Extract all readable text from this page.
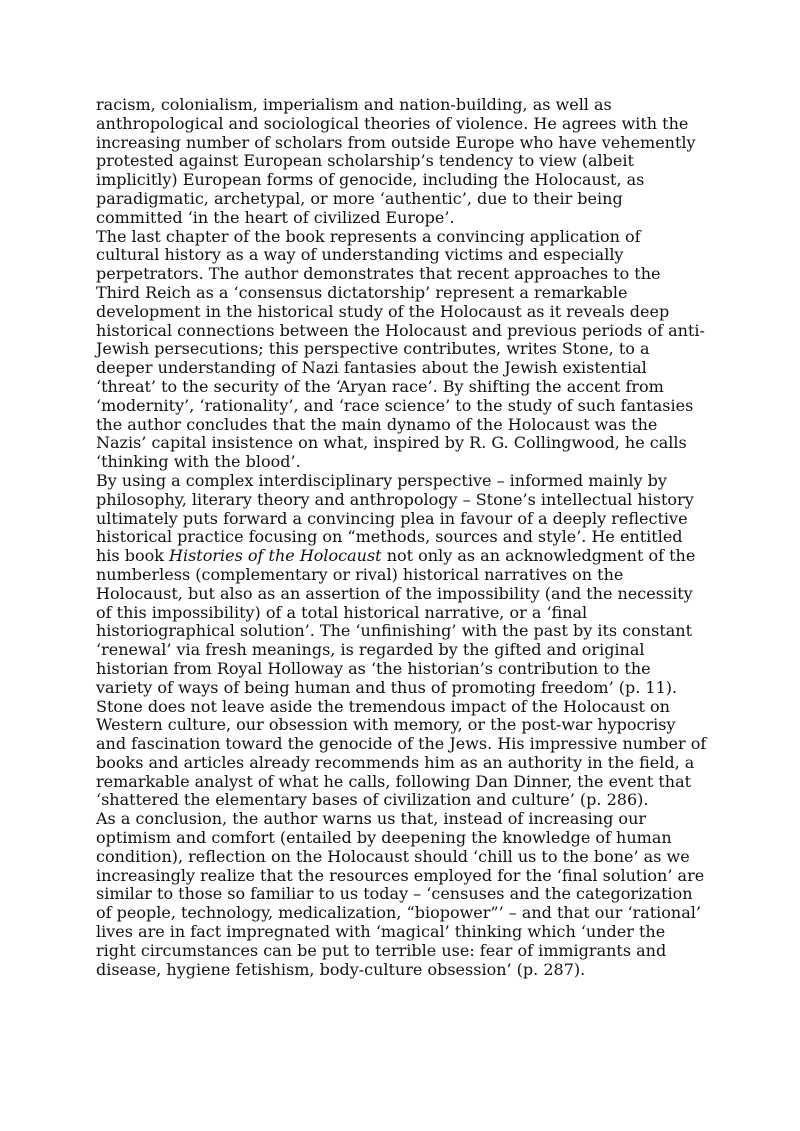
racism, colonialism, imperialism and nation-building, as well as anthropological and sociological theories of violence. He agrees with the increasing number of scholars from outside Europe who have vehemently protested against European scholarship’s tendency to view (albeit implicitly) European forms of genocide, including the Holocaust, as paradigmatic, archetypal, or more ‘authentic’, due to their being committed ‘in the heart of civilized Europe’.

The last chapter of the book represents a convincing application of cultural history as a way of understanding victims and especially perpetrators. The author demonstrates that recent approaches to the Third Reich as a ‘consensus dictatorship’ represent a remarkable development in the historical study of the Holocaust as it reveals deep historical connections between the Holocaust and previous periods of anti-Jewish persecutions; this perspective contributes, writes Stone, to a deeper understanding of Nazi fantasies about the Jewish existential ‘threat’ to the security of the ‘Aryan race’. By shifting the accent from ‘modernity’, ‘rationality’, and ‘race science’ to the study of such fantasies the author concludes that the main dynamo of the Holocaust was the Nazis’ capital insistence on what, inspired by R. G. Collingwood, he calls ‘thinking with the blood’.

By using a complex interdisciplinary perspective – informed mainly by philosophy, literary theory and anthropology – Stone’s intellectual history ultimately puts forward a convincing plea in favour of a deeply reflective historical practice focusing on “methods, sources and style’. He entitled his book Histories of the Holocaust not only as an acknowledgment of the numberless (complementary or rival) historical narratives on the Holocaust, but also as an assertion of the impossibility (and the necessity of this impossibility) of a total historical narrative, or a ‘final historiographical solution’. The ‘unfinishing’ with the past by its constant ‘renewal’ via fresh meanings, is regarded by the gifted and original historian from Royal Holloway as ‘the historian’s contribution to the variety of ways of being human and thus of promoting freedom’ (p. 11).

Stone does not leave aside the tremendous impact of the Holocaust on Western culture, our obsession with memory, or the post-war hypocrisy and fascination toward the genocide of the Jews. His impressive number of books and articles already recommends him as an authority in the field, a remarkable analyst of what he calls, following Dan Dinner, the event that ‘shattered the elementary bases of civilization and culture’ (p. 286).

As a conclusion, the author warns us that, instead of increasing our optimism and comfort (entailed by deepening the knowledge of human condition), reflection on the Holocaust should ‘chill us to the bone’ as we increasingly realize that the resources employed for the ‘final solution’ are similar to those so familiar to us today – ‘censuses and the categorization of people, technology, medicalization, “biopower”’ – and that our ‘rational’ lives are in fact impregnated with ‘magical’ thinking which ‘under the right circumstances can be put to terrible use: fear of immigrants and disease, hygiene fetishism, body-culture obsession’ (p. 287).
